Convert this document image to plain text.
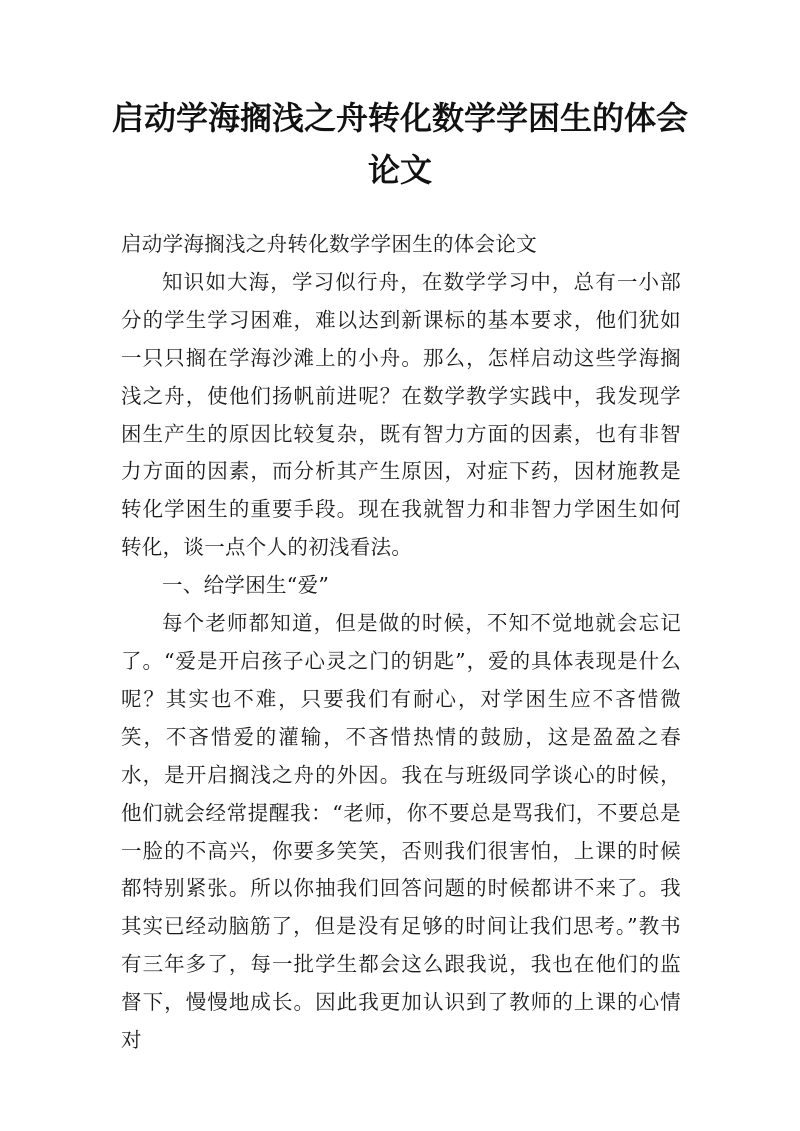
启动学海搁浅之舟转化数学学困生的体会论文

启动学海搁浅之舟转化数学学困生的体会论文

知识如大海，学习似行舟，在数学学习中，总有一小部分的学生学习困难，难以达到新课标的基本要求，他们犹如一只只搁在学海沙滩上的小舟。那么，怎样启动这些学海搁浅之舟，使他们扬帆前进呢？在数学教学实践中，我发现学困生产生的原因比较复杂，既有智力方面的因素，也有非智力方面的因素，而分析其产生原因，对症下药，因材施教是转化学困生的重要手段。现在我就智力和非智力学困生如何转化，谈一点个人的初浅看法。

一、给学困生“爱”

每个老师都知道，但是做的时候，不知不觉地就会忘记了。“爱是开启孩子心灵之门的钥匙”，爱的具体表现是什么呢？其实也不难，只要我们有耐心，对学困生应不吝惜微笑，不吝惜爱的灌输，不吝惜热情的鼓励，这是盈盈之春水，是开启搁浅之舟的外因。我在与班级同学谈心的时候，他们就会经常提醒我：“老师，你不要总是骂我们，不要总是一脸的不高兴，你要多笑笑，否则我们很害怕，上课的时候都特别紧张。所以你抽我们回答问题的时候都讲不来了。我其实已经动脑筋了，但是没有足够的时间让我们思考。”教书有三年多了，每一批学生都会这么跟我说，我也在他们的监督下，慢慢地成长。因此我更加认识到了教师的上课的心情对
